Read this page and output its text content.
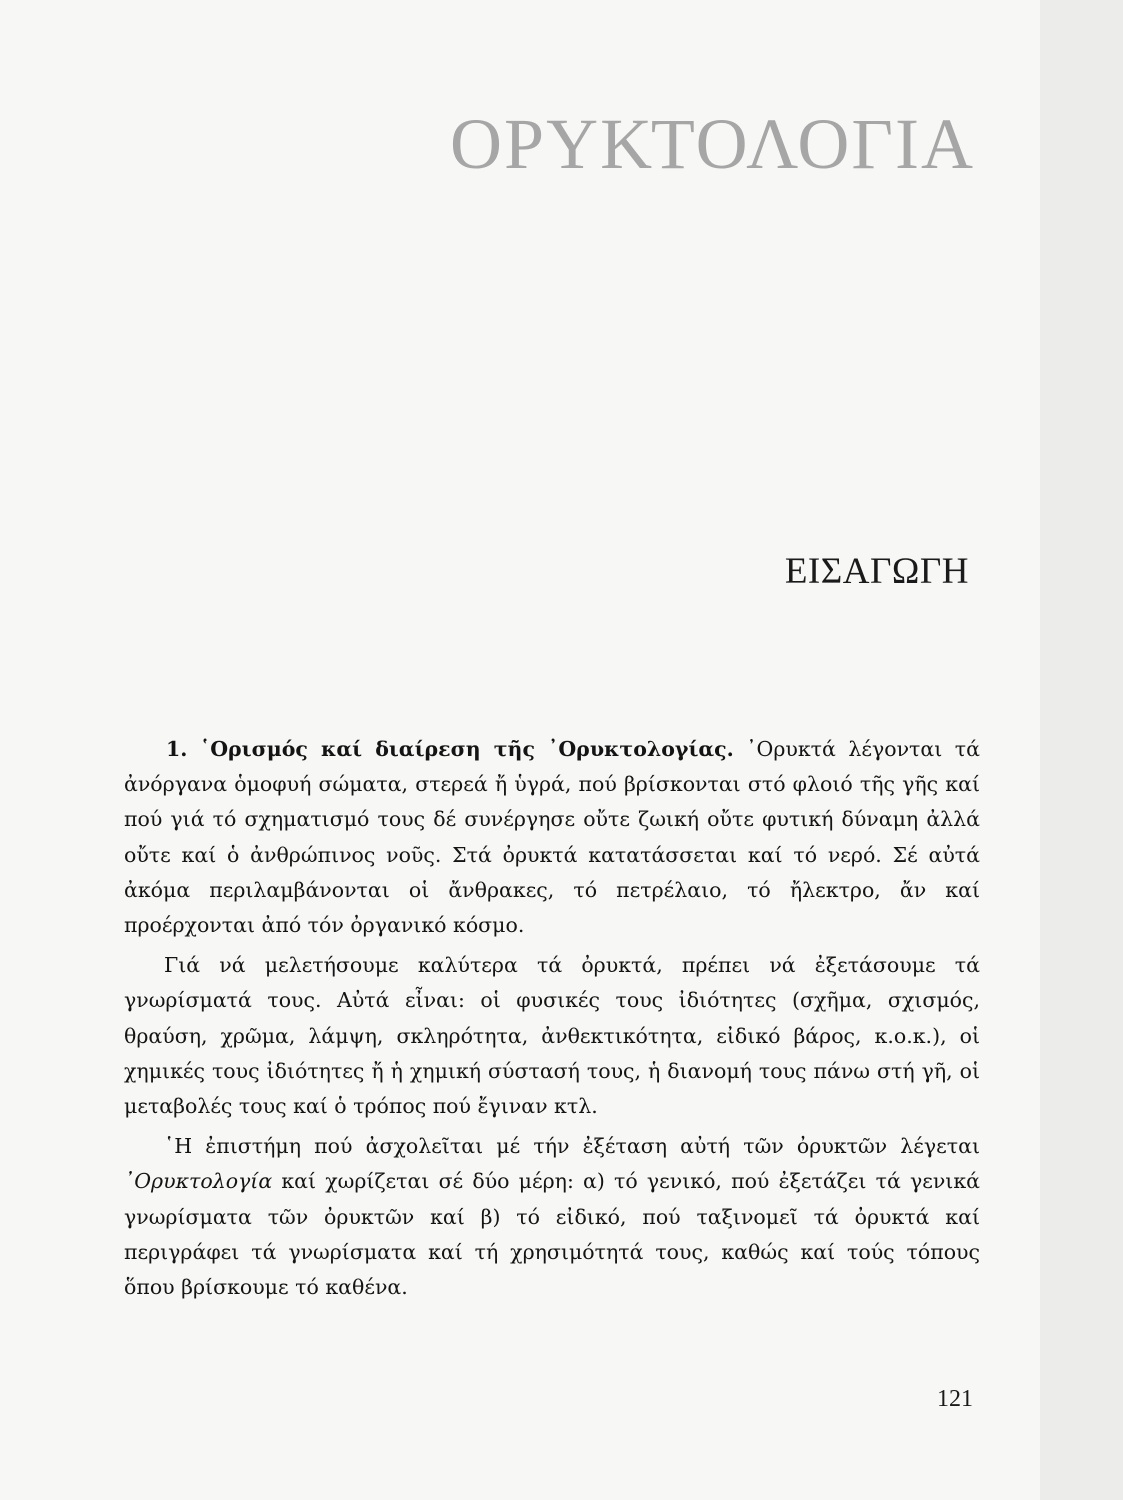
ΟΡΥΚΤΟΛΟΓΙΑ
ΕΙΣΑΓΩΓΗ

1. ῾Ορισμός καί διαίρεση τῆς ᾿Ορυκτολογίας. ᾿Ορυκτά λέγονται τά ἀνόργανα ὁμοφυή σώματα, στερεά ἤ ὑγρά, πού βρίσκονται στό φλοιό τῆς γῆς καί πού γιά τό σχηματισμό τους δέ συνέργησε οὔτε ζωική οὔτε φυτική δύναμη ἀλλά οὔτε καί ὁ ἀνθρώπινος νοῦς. Στά ὀρυκτά κατατάσσεται καί τό νερό. Σέ αὐτά ἀκόμα περιλαμβάνονται οἱ ἄνθρακες, τό πετρέλαιο, τό ἤλεκτρο, ἄν καί προέρχονται ἀπό τόν ὀργανικό κόσμο.

Γιά νά μελετήσουμε καλύτερα τά ὀρυκτά, πρέπει νά ἐξετάσουμε τά γνωρίσματά τους. Αὐτά εἶναι: οἱ φυσικές τους ἰδιότητες (σχῆμα, σχισμός, θραύση, χρῶμα, λάμψη, σκληρότητα, ἀνθεκτικότητα, εἰδικό βάρος, κ.ο.κ.), οἱ χημικές τους ἰδιότητες ἤ ἡ χημική σύστασή τους, ἡ διανομή τους πάνω στή γῆ, οἱ μεταβολές τους καί ὁ τρόπος πού ἔγιναν κτλ.

῾Η ἐπιστήμη πού ἀσχολεῖται μέ τήν ἐξέταση αὐτή τῶν ὀρυκτῶν λέγεται ᾿Ορυκτολογία καί χωρίζεται σέ δύο μέρη: α) τό γενικό, πού ἐξετάζει τά γενικά γνωρίσματα τῶν ὀρυκτῶν καί β) τό εἰδικό, πού ταξινομεῖ τά ὀρυκτά καί περιγράφει τά γνωρίσματα καί τή χρησιμότητά τους, καθώς καί τούς τόπους ὅπου βρίσκουμε τό καθένα.

121
